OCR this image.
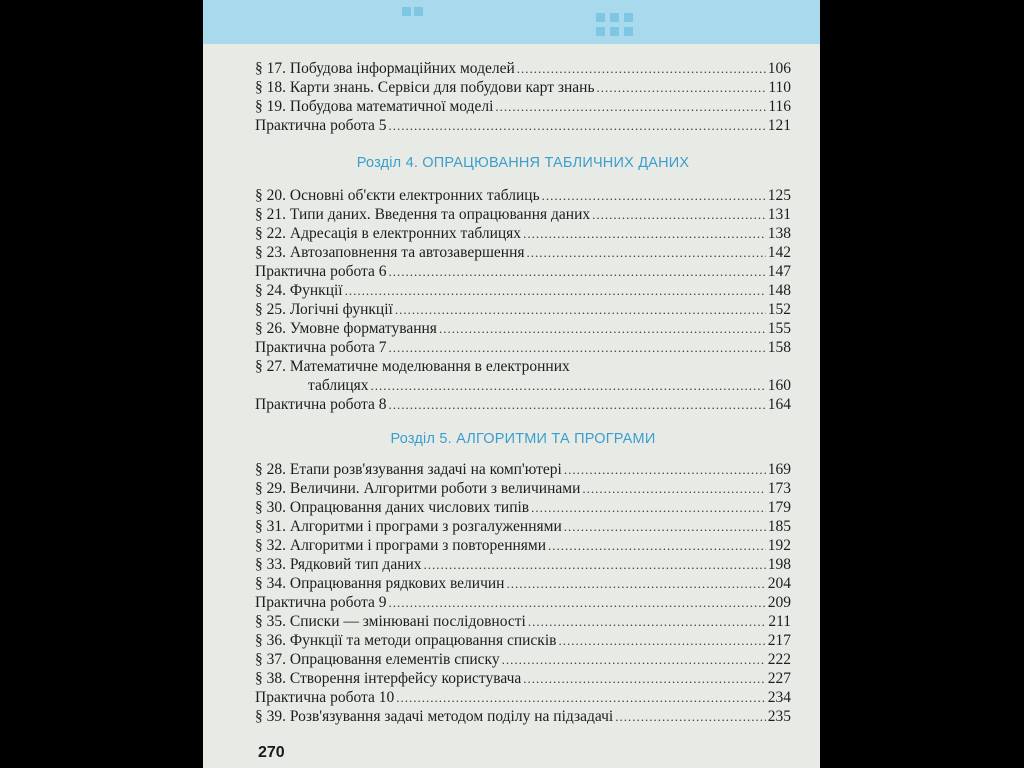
§ 17. Побудова інформаційних моделей .....	106
§ 18. Карти знань. Сервіси для побудови карт знань .....	110
§ 19. Побудова математичної моделі .....	116
Практична робота 5 .....	121
Розділ 4. ОПРАЦЮВАННЯ ТАБЛИЧНИХ ДАНИХ
§ 20. Основні об'єкти електронних таблиць .....	125
§ 21. Типи даних. Введення та опрацювання даних .....	131
§ 22. Адресація в електронних таблицях .....	138
§ 23. Автозаповнення та автозавершення .....	142
Практична робота 6 .....	147
§ 24. Функції .....	148
§ 25. Логічні функції .....	152
§ 26. Умовне форматування .....	155
Практична робота 7 .....	158
§ 27. Математичне моделювання в електронних
таблицях .....	160
Практична робота 8 .....	164
Розділ 5. АЛГОРИТМИ ТА ПРОГРАМИ
§ 28. Етапи розв'язування задачі на комп'ютері .....	169
§ 29. Величини. Алгоритми роботи з величинами .....	173
§ 30. Опрацювання даних числових типів .....	179
§ 31. Алгоритми і програми з розгалуженнями .....	185
§ 32. Алгоритми і програми з повтореннями .....	192
§ 33. Рядковий тип даних .....	198
§ 34. Опрацювання рядкових величин .....	204
Практична робота 9 .....	209
§ 35. Списки — змінювані послідовності .....	211
§ 36. Функції та методи опрацювання списків .....	217
§ 37. Опрацювання елементів списку .....	222
§ 38. Створення інтерфейсу користувача .....	227
Практична робота 10 .....	234
§ 39. Розв'язування задачі методом поділу на підзадачі .....	235
270
